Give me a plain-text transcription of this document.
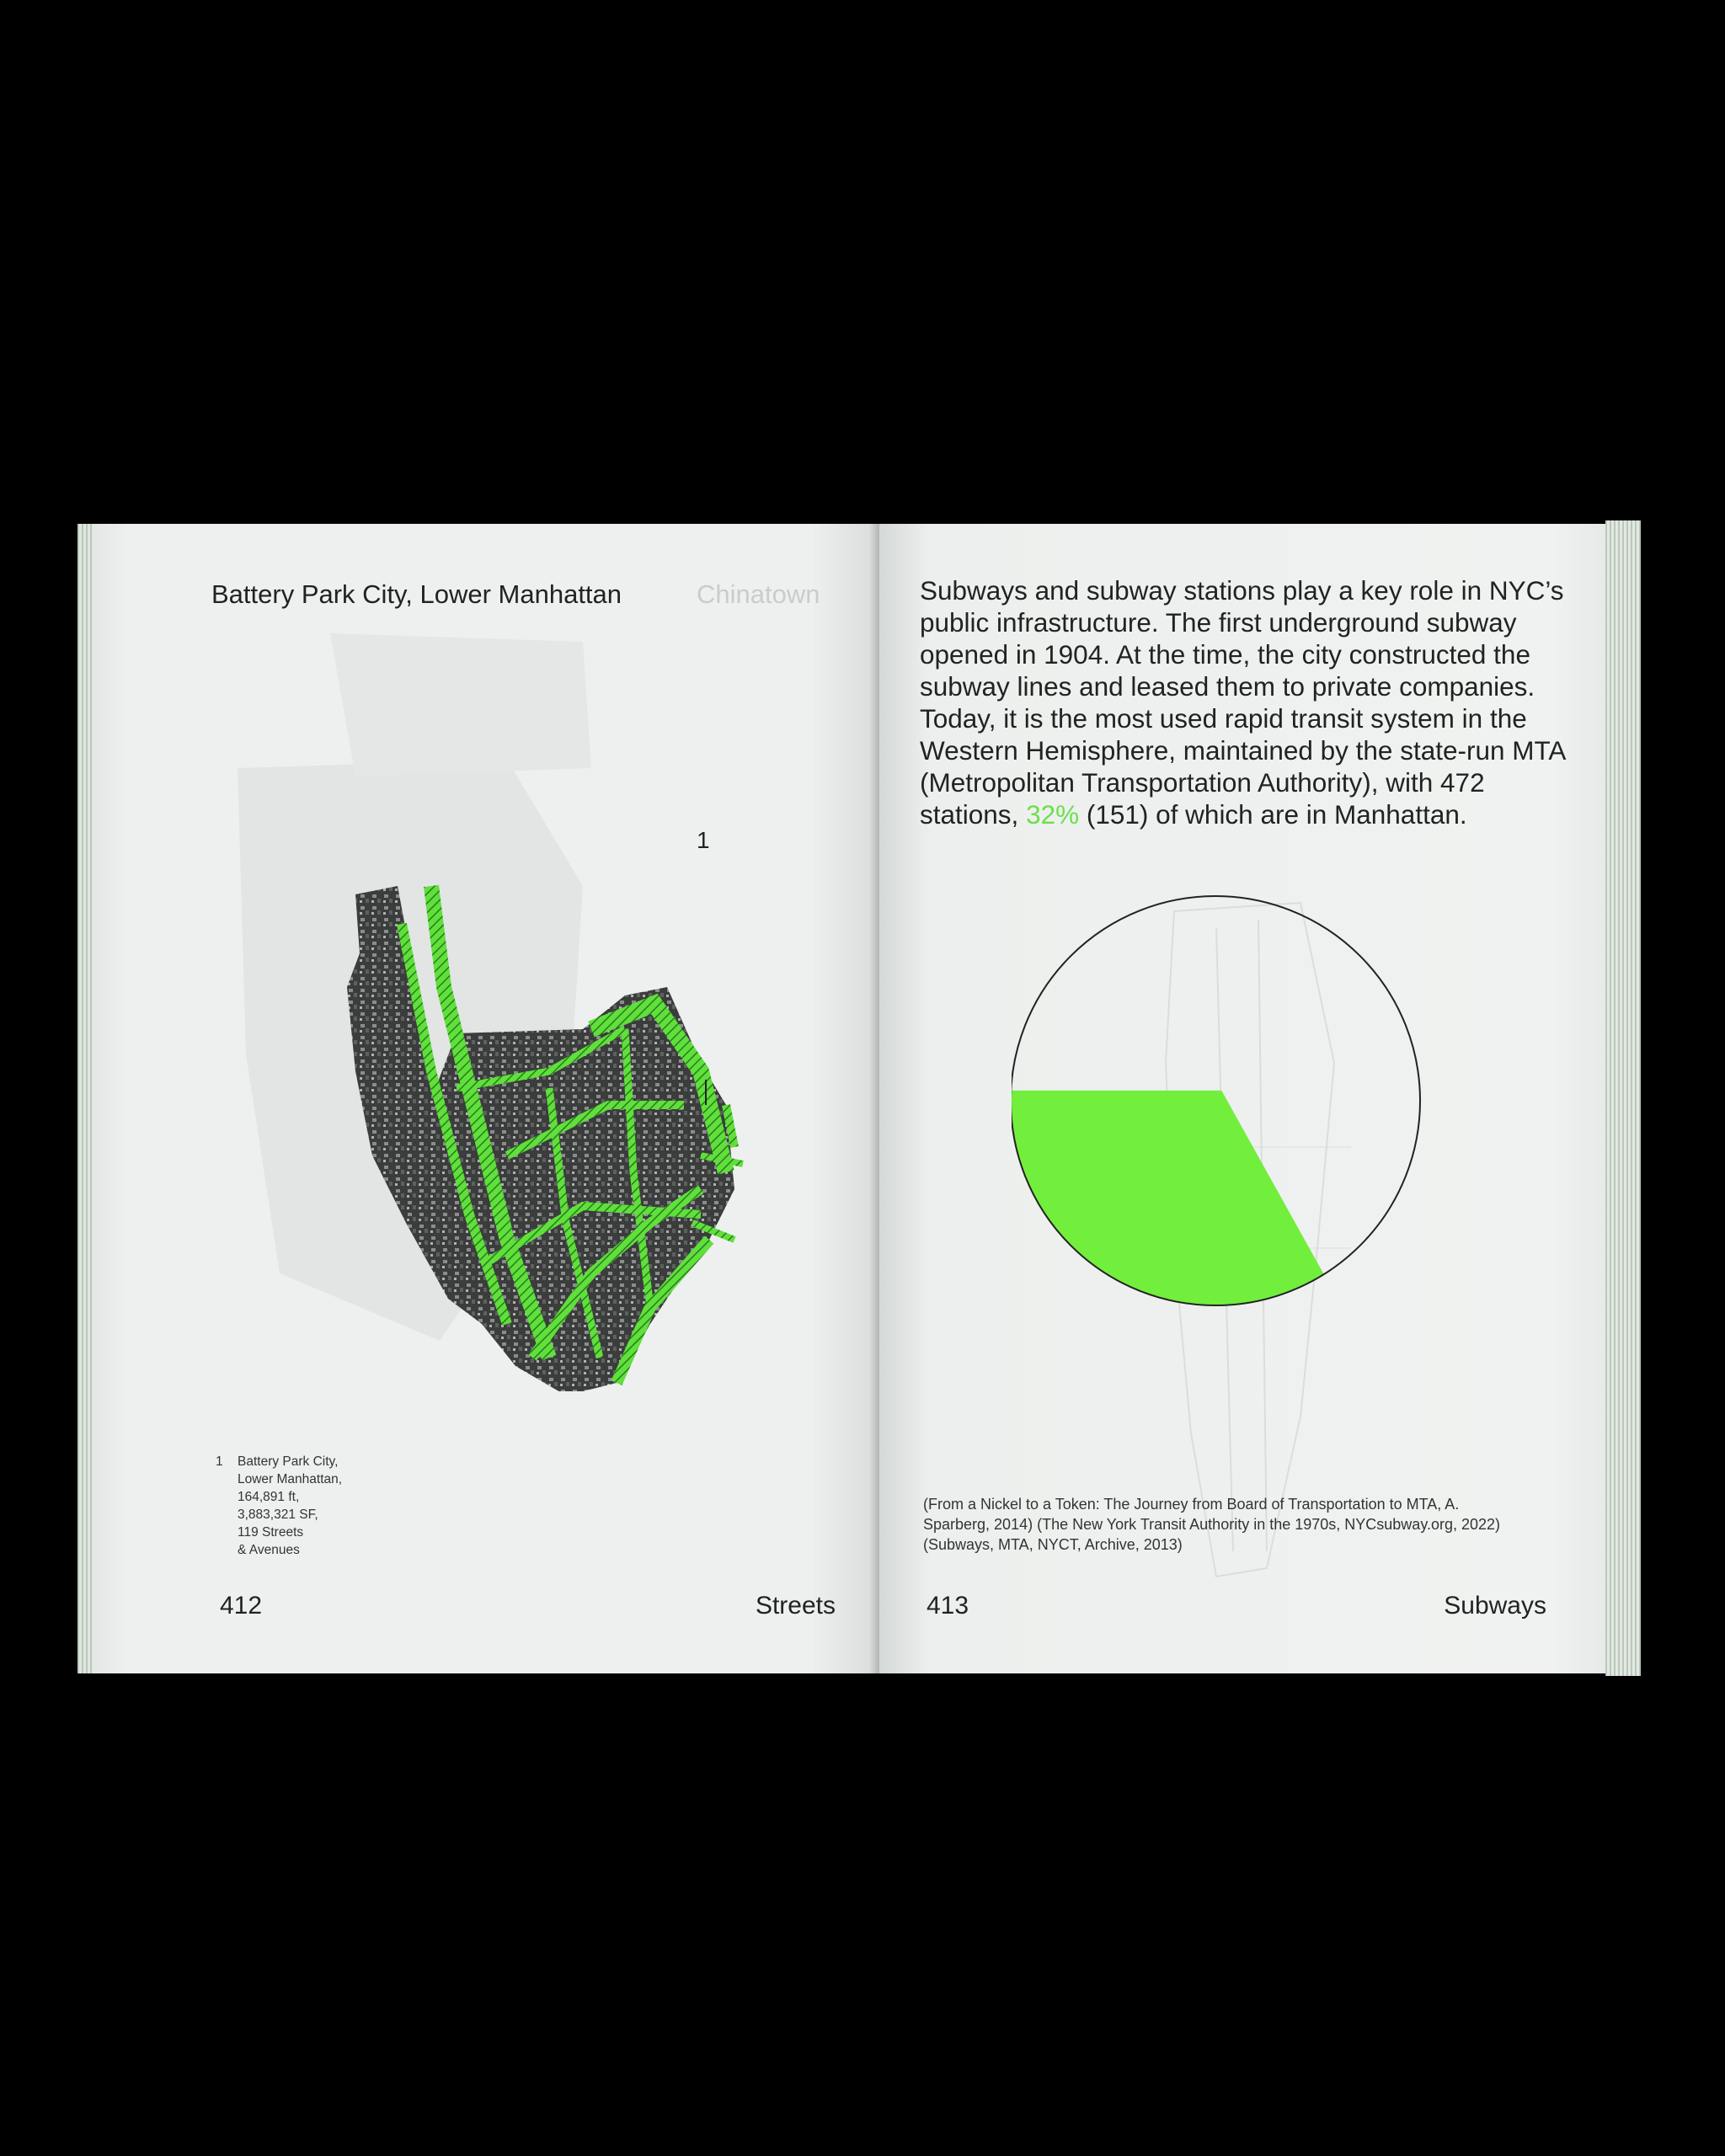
Battery Park City, Lower Manhattan	Chinatown
1
1 Battery Park City,
Lower Manhattan,
164,891 ft,
3,883,321 SF,
119 Streets
& Avenues
412	Streets
Subways and subway stations play a key role in NYC’s public infrastructure. The first underground subway opened in 1904. At the time, the city constructed the subway lines and leased them to private companies. Today, it is the most used rapid transit system in the Western Hemisphere, maintained by the state-run MTA (Metropolitan Transportation Authority), with 472 stations, 32% (151) of which are in Manhattan.
(From a Nickel to a Token: The Journey from Board of Transportation to MTA, A. Sparberg, 2014) (The New York Transit Authority in the 1970s, NYCsubway.org, 2022) (Subways, MTA, NYCT, Archive, 2013)
413	Subways
